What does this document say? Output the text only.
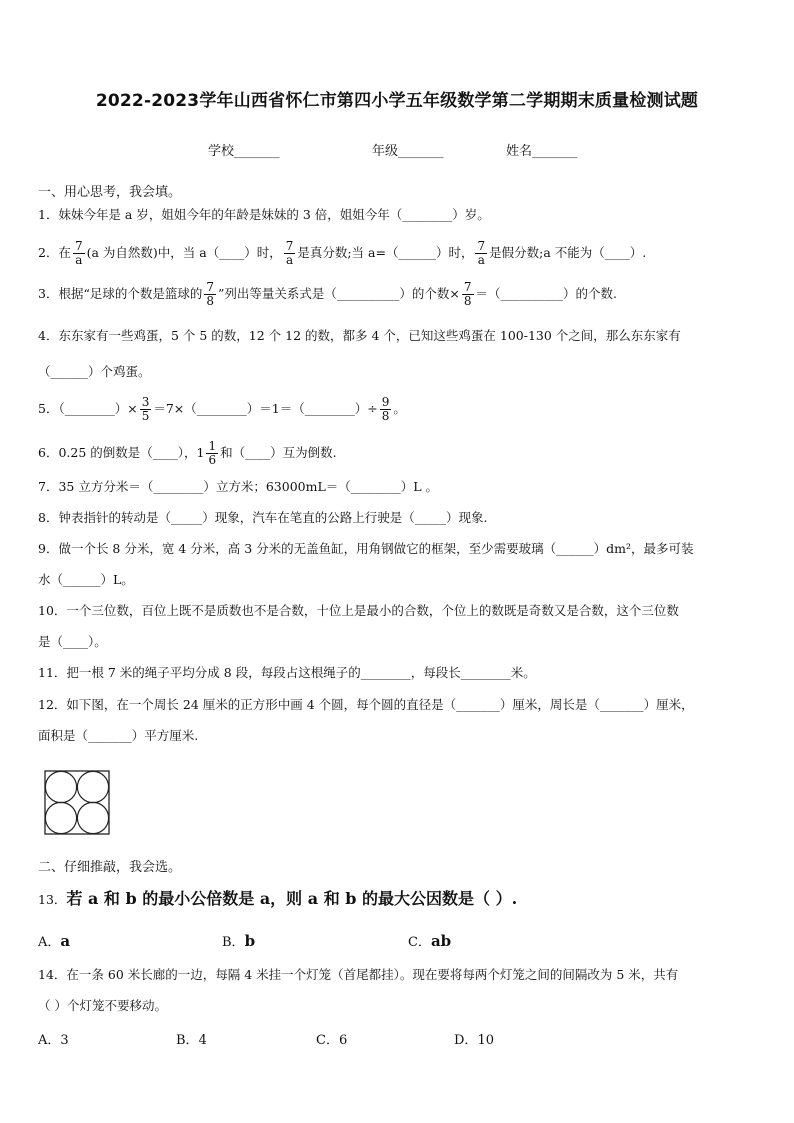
2022-2023学年山西省怀仁市第四小学五年级数学第二学期期末质量检测试题
学校_______	年级_______	姓名_______
一、用心思考，我会填。
1．妹妹今年是 a 岁，姐姐今年的年龄是妹妹的 3 倍，姐姐今年（________）岁。
2．在 $\frac{7}{a} (a$ 为自然数)中，当 a（____）时， $\frac{7}{a}$ 是真分数;当 a=（______）时， $\frac{7}{a}$ 是假分数;a 不能为（____）.
3．根据“足球的个数是篮球的 $\frac{7}{8}$ ”列出等量关系式是（__________）的个数× $\frac{7}{8}$ ＝（__________）的个数.
4．东东家有一些鸡蛋，5 个 5 的数，12 个 12 的数，都多 4 个，已知这些鸡蛋在 100-130 个之间，那么东东家有
（______）个鸡蛋。
5．（________）× $\frac{3}{5}$ ＝7×（________）＝1＝（________）÷ $\frac{9}{8}$ 。
6．0.25 的倒数是（____），$1 \frac{1}{6}$ 和（____）互为倒数.
7．35 立方分米＝（________）立方米；63000mL＝（________）L 。
8．钟表指针的转动是（_____）现象，汽车在笔直的公路上行驶是（_____）现象.
9．做一个长 8 分米，宽 4 分米，高 3 分米的无盖鱼缸，用角钢做它的框架，至少需要玻璃（______）dm²，最多可装
水（______）L。
10．一个三位数，百位上既不是质数也不是合数，十位上是最小的合数，个位上的数既是奇数又是合数，这个三位数
是（____）。
11．把一根 7 米的绳子平均分成 8 段，每段占这根绳子的________，每段长________米。
12．如下图，在一个周长 24 厘米的正方形中画 4 个圆，每个圆的直径是（_______）厘米，周长是（_______）厘米，
面积是（_______）平方厘米.
二、仔细推敲，我会选。
13．若 a 和 b 的最小公倍数是 a，则 a 和 b 的最大公因数是（ ）.
A．a	B．b	C．ab
14．在一条 60 米长廊的一边，每隔 4 米挂一个灯笼（首尾都挂）。现在要将每两个灯笼之间的间隔改为 5 米，共有
（ ）个灯笼不要移动。
A．3	B．4	C．6	D．10
